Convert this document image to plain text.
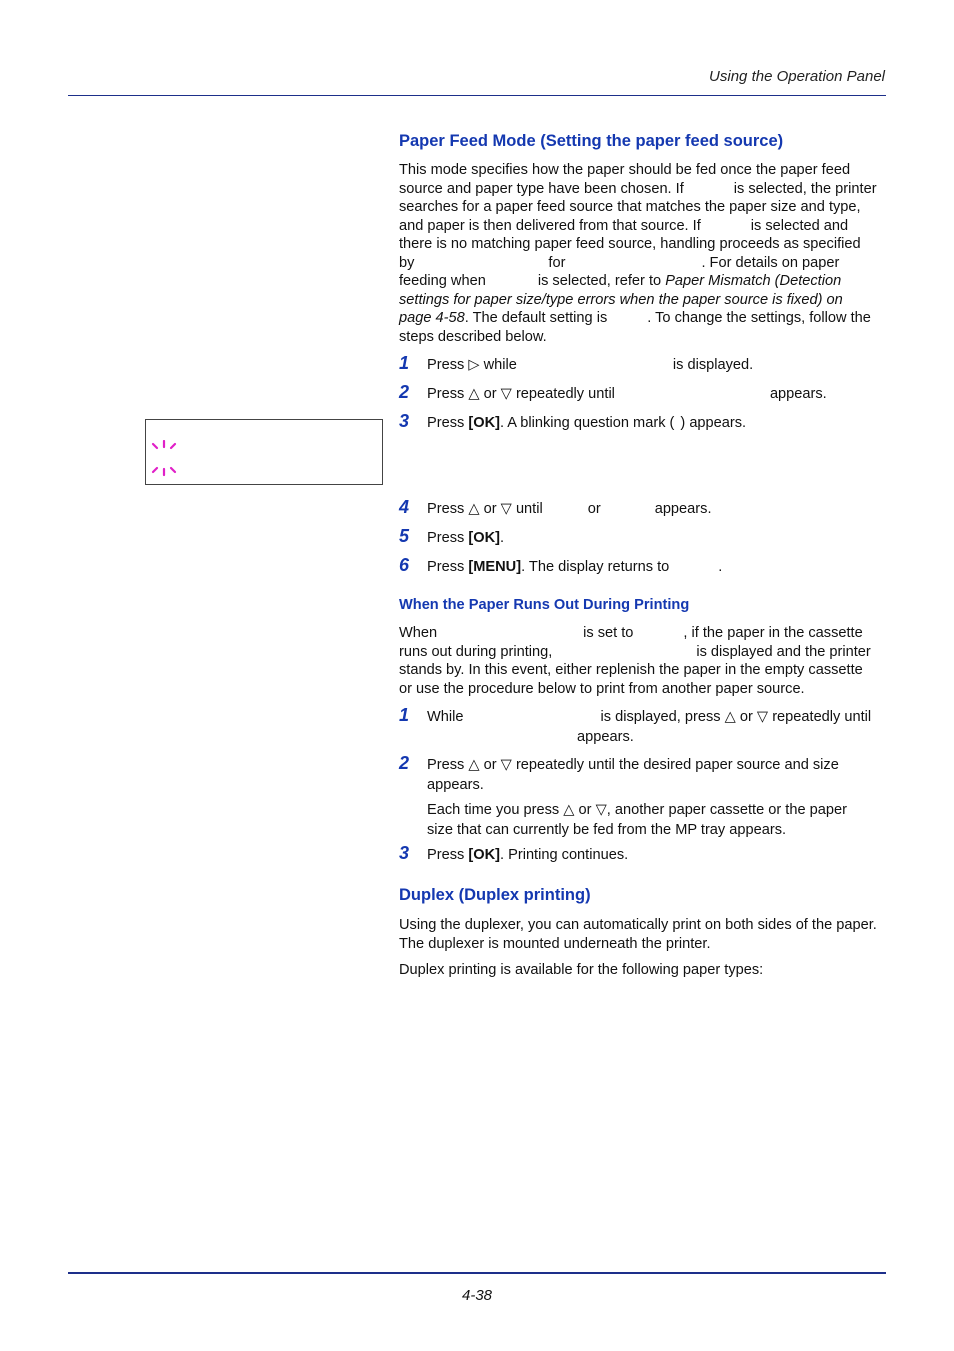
Using the Operation Panel
Paper Feed Mode (Setting the paper feed source)

This mode specifies how the paper should be fed once the paper feed

source and paper type have been chosen. If	is selected, the printer

searches for a paper feed source that matches the paper size and type,

and paper is then delivered from that source. If	is selected and

there is no matching paper feed source, handling proceeds as specified

by	for	. For details on paper

feeding when	is selected, refer to Paper Mismatch (Detection

settings for paper size/type errors when the paper source is fixed) on

page 4-58. The default setting is	. To change the settings, follow the

steps described below.

1 Press ▷ while	is displayed.
2 Press △ or ▽ repeatedly until	appears.
3 Press [OK]. A blinking question mark ( ) appears.
4 Press △ or ▽ until	or	appears.
5 Press [OK].
6 Press [MENU]. The display returns to	.
When the Paper Runs Out During Printing

When	is set to	, if the paper in the cassette

runs out during printing,	is displayed and the printer

stands by. In this event, either replenish the paper in the empty cassette

or use the procedure below to print from another paper source.

1 While	is displayed, press △ or ▽ repeatedly until
appears.
2 Press △ or ▽ repeatedly until the desired paper source and size
appears.

Each time you press △ or ▽, another paper cassette or the paper
size that can currently be fed from the MP tray appears.
3 Press [OK]. Printing continues.
Duplex (Duplex printing)

Using the duplexer, you can automatically print on both sides of the paper.

The duplexer is mounted underneath the printer.

Duplex printing is available for the following paper types:

4-38
